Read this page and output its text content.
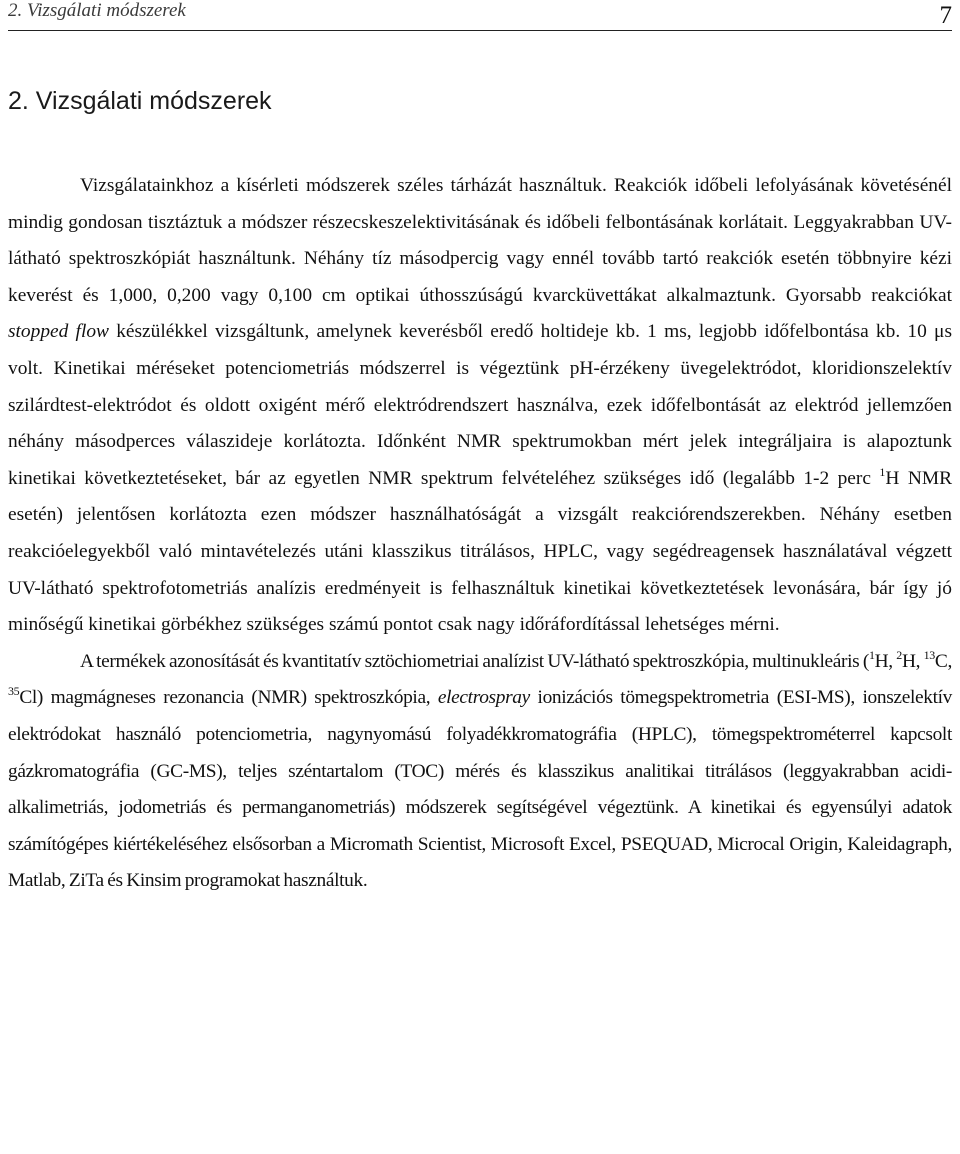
2. Vizsgálati módszerek	7
2. Vizsgálati módszerek

Vizsgálatainkhoz a kísérleti módszerek széles tárházát használtuk. Reakciók időbeli lefolyásának követésénél mindig gondosan tisztáztuk a módszer részecskeszelektivitásának és időbeli felbontásának korlátait. Leggyakrabban UV-látható spektroszkópiát használtunk. Néhány tíz másodpercig vagy ennél tovább tartó reakciók esetén többnyire kézi keverést és 1,000, 0,200 vagy 0,100 cm optikai úthosszúságú kvarcküvettákat alkalmaztunk. Gyorsabb reakciókat stopped flow készülékkel vizsgáltunk, amelynek keverésből eredő holtideje kb. 1 ms, legjobb időfelbontása kb. 10 μs volt. Kinetikai méréseket potenciometriás módszerrel is végeztünk pH-érzékeny üvegelektródot, kloridionszelektív szilárdtest-elektródot és oldott oxigént mérő elektródrendszert használva, ezek időfelbontását az elektród jellemzően néhány másodperces válaszideje korlátozta. Időnként NMR spektrumokban mért jelek integráljaira is alapoztunk kinetikai következtetéseket, bár az egyetlen NMR spektrum felvételéhez szükséges idő (legalább 1-2 perc $^1$H NMR esetén) jelentősen korlátozta ezen módszer használhatóságát a vizsgált reakciórendszerekben. Néhány esetben reakcióelegyekből való mintavételezés utáni klasszikus titrálásos, HPLC, vagy segédreagensek használatával végzett UV-látható spektrofotometriás analízis eredményeit is felhasználtuk kinetikai következtetések levonására, bár így jó minőségű kinetikai görbékhez szükséges számú pontot csak nagy időráfordítással lehetséges mérni.

A termékek azonosítását és kvantitatív sztöchiometriai analízist UV-látható spektroszkópia, multinukleáris ($^1$H, $^2$H, $^{13}$C, $^{35}$Cl) magmágneses rezonancia (NMR) spektroszkópia, electrospray ionizációs tömegspektrometria (ESI-MS), ionszelektív elektródokat használó potenciometria, nagynyomású folyadékkromatográfia (HPLC), tömegspektrométerrel kapcsolt gázkromatográfia (GC-MS), teljes széntartalom (TOC) mérés és klasszikus analitikai titrálásos (leggyakrabban acidi-alkalimetriás, jodometriás és permanganometriás) módszerek segítségével végeztünk. A kinetikai és egyensúlyi adatok számítógépes kiértékeléséhez elsősorban a Micromath Scientist, Microsoft Excel, PSEQUAD, Microcal Origin, Kaleidagraph, Matlab, ZiTa és Kinsim programokat használtuk.
